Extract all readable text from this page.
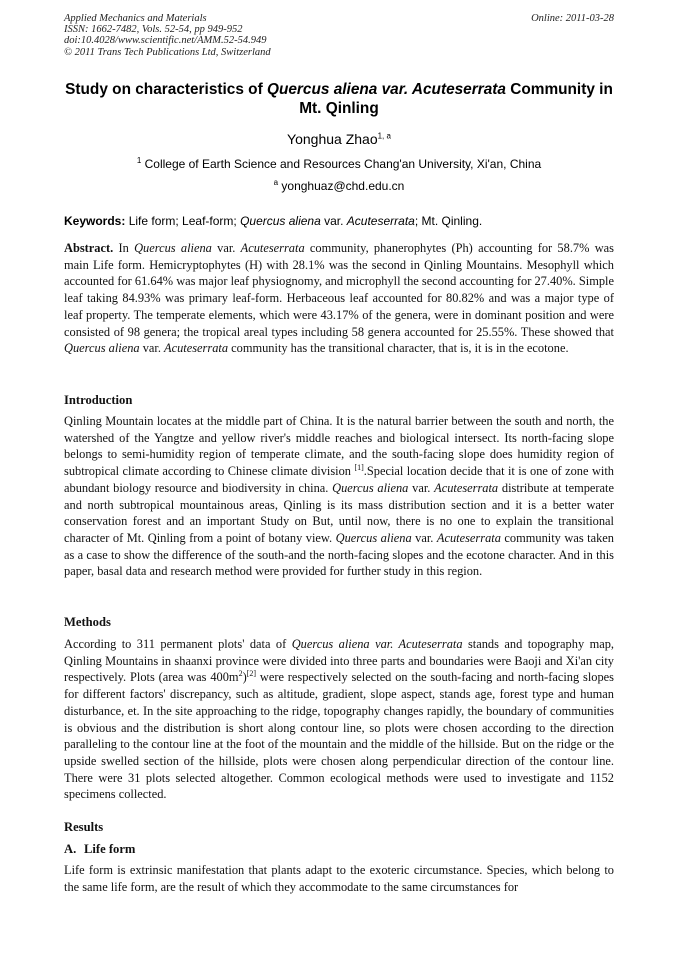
Applied Mechanics and Materials
ISSN: 1662-7482, Vols. 52-54, pp 949-952
doi:10.4028/www.scientific.net/AMM.52-54.949
© 2011 Trans Tech Publications Ltd, Switzerland
Online: 2011-03-28
Study on characteristics of Quercus aliena var. Acuteserrata Community in Mt. Qinling
Yonghua Zhao$^{1, a}$
$^1$ College of Earth Science and Resources Chang'an University, Xi'an, China
$^a$ yonghuaz@chd.edu.cn
Keywords: Life form; Leaf-form; Quercus aliena var. Acuteserrata; Mt. Qinling.

Abstract. In Quercus aliena var. Acuteserrata community, phanerophytes (Ph) accounting for 58.7% was main Life form. Hemicryptophytes (H) with 28.1% was the second in Qinling Mountains. Mesophyll which accounted for 61.64% was major leaf physiognomy, and microphyll the second accounting for 27.40%. Simple leaf taking 84.93% was primary leaf-form. Herbaceous leaf accounted for 80.82% and was a major type of leaf property. The temperate elements, which were 43.17% of the genera, were in dominant position and were consisted of 98 genera; the tropical areal types including 58 genera accounted for 25.55%. These showed that Quercus aliena var. Acuteserrata community has the transitional character, that is, it is in the ecotone.

Introduction

Qinling Mountain locates at the middle part of China. It is the natural barrier between the south and north, the watershed of the Yangtze and yellow river's middle reaches and biological intersect. Its north-facing slope belongs to semi-humidity region of temperate climate, and the south-facing slope does humidity region of subtropical climate according to Chinese climate division [1].Special location decide that it is one of zone with abundant biology resource and biodiversity in china. Quercus aliena var. Acuteserrata distribute at temperate and north subtropical mountainous areas, Qinling is its mass distribution section and it is a better water conservation forest and an important Study on But, until now, there is no one to explain the transitional character of Mt. Qinling from a point of botany view. Quercus aliena var. Acuteserrata community was taken as a case to show the difference of the south-and the north-facing slopes and the ecotone character. And in this paper, basal data and research method were provided for further study in this region.

Methods

According to 311 permanent plots' data of Quercus aliena var. Acuteserrata stands and topography map, Qinling Mountains in shaanxi province were divided into three parts and boundaries were Baoji and Xi'an city respectively. Plots (area was $400m^2)[2]$ were respectively selected on the south-facing and north-facing slopes for different factors' discrepancy, such as altitude, gradient, slope aspect, stands age, forest type and human disturbance, et. In the site approaching to the ridge, topography changes rapidly, the boundary of communities is obvious and the distribution is short along contour line, so plots were chosen according to the direction paralleling to the contour line at the foot of the mountain and the middle of the hillside. But on the ridge or the upside swelled section of the hillside, plots were chosen along perpendicular direction of the contour line. There were 31 plots selected altogether. Common ecological methods were used to investigate and 1152 specimens collected.

Results
A. Life form

Life form is extrinsic manifestation that plants adapt to the exoteric circumstance. Species, which belong to the same life form, are the result of which they accommodate to the same circumstances for
